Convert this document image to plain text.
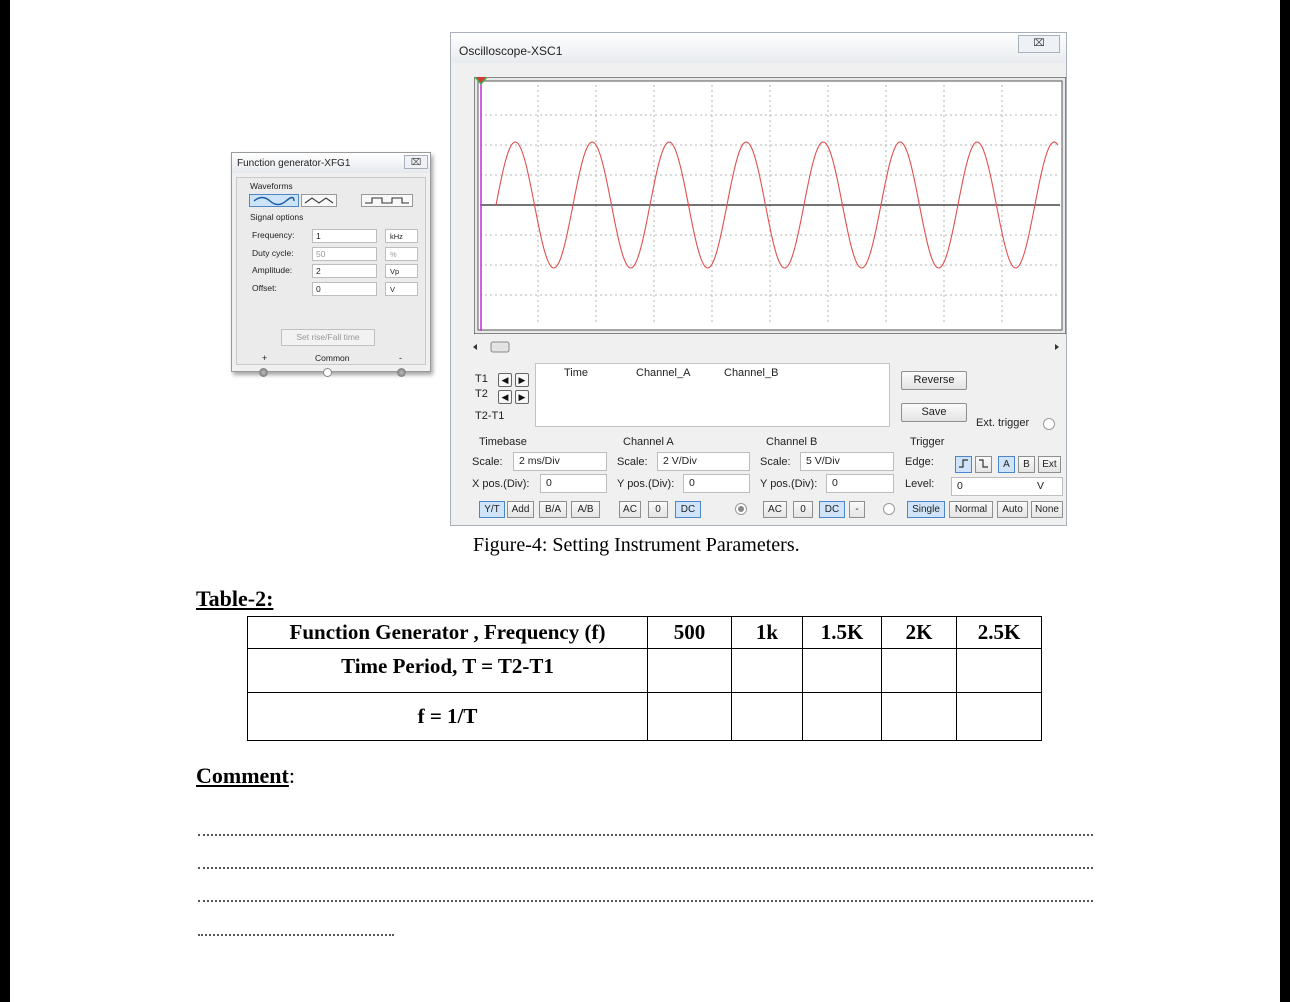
Function generator-XFG1	⌧
Waveforms
Signal options
Frequency:	1	kHz
Duty cycle:	50	%
Amplitude:	2	Vp
Offset:	0	V
Set rise/Fall time
+	Common	-
Oscilloscope-XSC1
⌧
T1
T2
T2-T1
◀	▶
◀	▶
Time	Channel_A	Channel_B
Reverse
Save
Ext. trigger
Timebase
Scale:	2 ms/Div
X pos.(Div):	0
Y/T	Add	B/A	A/B
Channel A
Scale:	2 V/Div
Y pos.(Div):	0
AC	0	DC
Channel B
Scale:	5 V/Div
Y pos.(Div):	0
AC	0	DC	-
Trigger
Edge:	A	B	Ext
Level:	0	V
Single	Normal	Auto	None
Figure-4: Setting Instrument Parameters.
Table-2:
Function Generator , Frequency (f)	500	1k	1.5K	2K	2.5K
Time Period, T = T2-T1					
f = 1/T					
Comment:
